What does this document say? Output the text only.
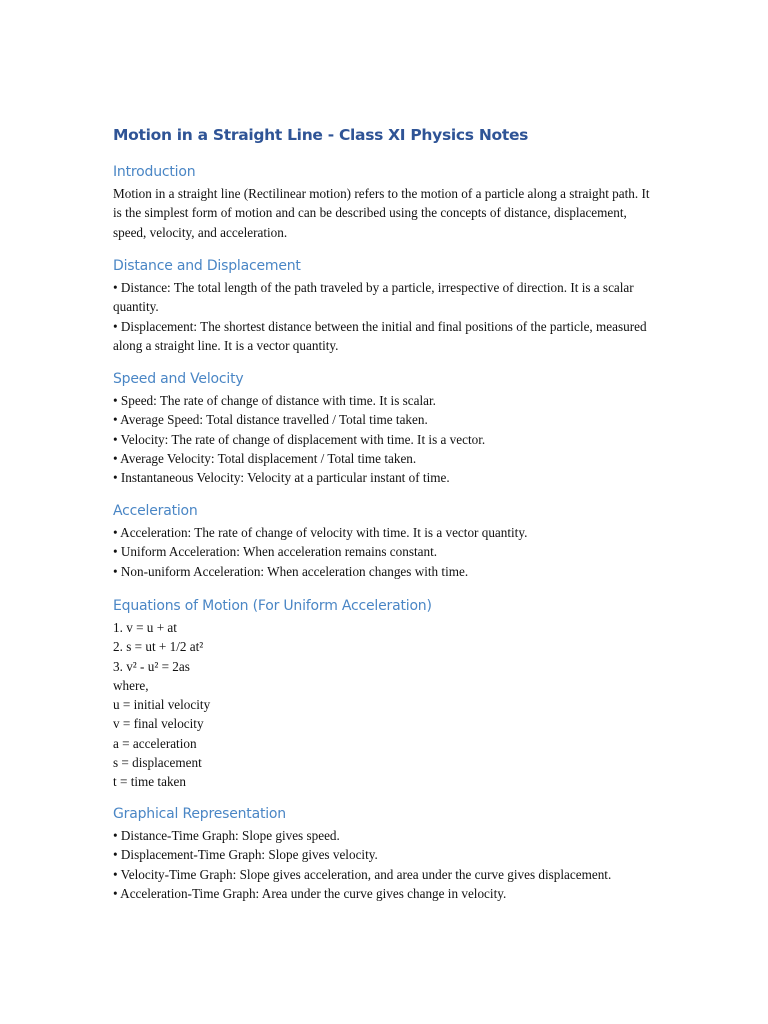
Motion in a Straight Line - Class XI Physics Notes
Introduction

Motion in a straight line (Rectilinear motion) refers to the motion of a particle along a straight path. It is the simplest form of motion and can be described using the concepts of distance, displacement, speed, velocity, and acceleration.

Distance and Displacement

• Distance: The total length of the path traveled by a particle, irrespective of direction. It is a scalar quantity.

• Displacement: The shortest distance between the initial and final positions of the particle, measured along a straight line. It is a vector quantity.

Speed and Velocity

• Speed: The rate of change of distance with time. It is scalar.

• Average Speed: Total distance travelled / Total time taken.

• Velocity: The rate of change of displacement with time. It is a vector.

• Average Velocity: Total displacement / Total time taken.

• Instantaneous Velocity: Velocity at a particular instant of time.

Acceleration

• Acceleration: The rate of change of velocity with time. It is a vector quantity.

• Uniform Acceleration: When acceleration remains constant.

• Non-uniform Acceleration: When acceleration changes with time.

Equations of Motion (For Uniform Acceleration)

1. v = u + at

2. s = ut + 1/2 at²

3. v² - u² = 2as

where,

u = initial velocity

v = final velocity

a = acceleration

s = displacement

t = time taken

Graphical Representation

• Distance-Time Graph: Slope gives speed.

• Displacement-Time Graph: Slope gives velocity.

• Velocity-Time Graph: Slope gives acceleration, and area under the curve gives displacement.

• Acceleration-Time Graph: Area under the curve gives change in velocity.
